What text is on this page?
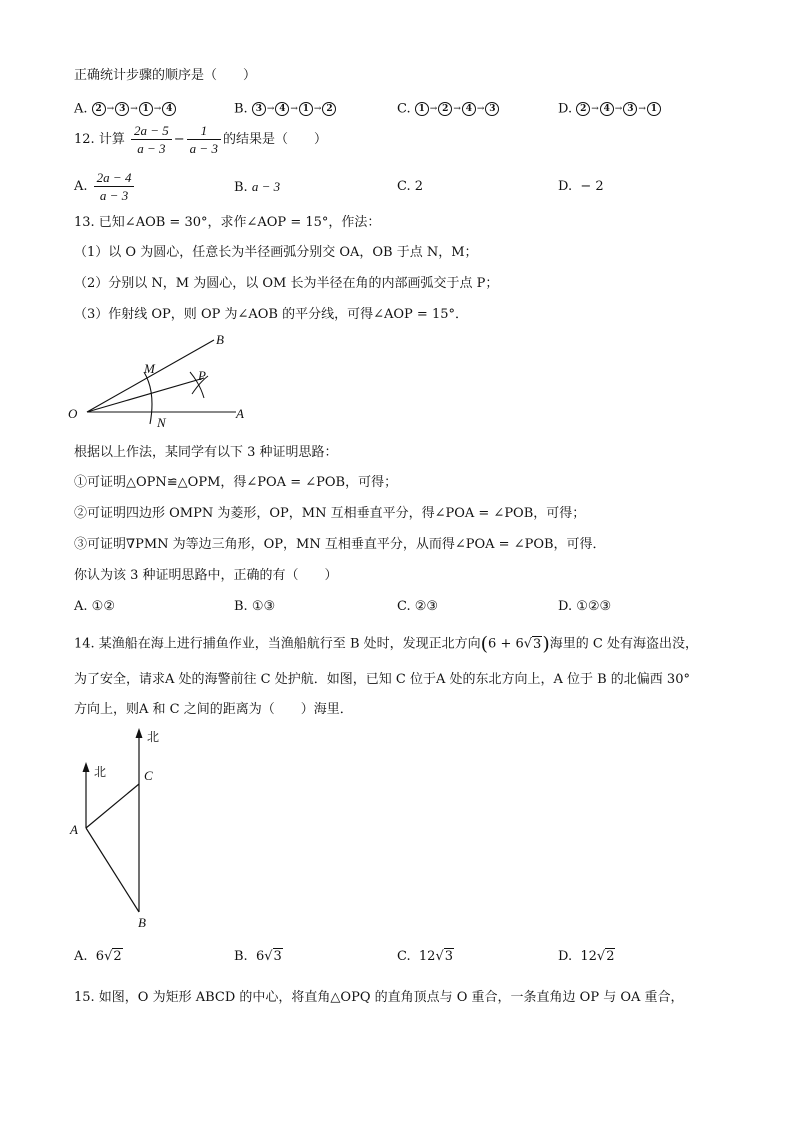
正确统计步骤的顺序是（　　）
A. 2 → 3 → 1 → 4	B. 3 → 4 → 1 → 2	C. 1 → 2 → 4 → 3	D. 2 → 4 → 3 → 1
12. 计算 $\frac{2a - 5}{a - 3} - \frac{1}{a - 3}$ 的结果是（　　）
A. $\frac{2a - 4}{a - 3}$	B. a − 3	C. 2	D. − 2
13. 已知∠AOB = 30°，求作∠AOP = 15°，作法：
（1）以 O 为圆心，任意长为半径画弧分别交 OA，OB 于点 N，M；
（2）分别以 N，M 为圆心，以 OM 长为半径在角的内部画弧交于点 P；
（3）作射线 OP，则 OP 为∠AOB 的平分线，可得∠AOP = 15°．
O	A
B
M
N
P
根据以上作法，某同学有以下 3 种证明思路：
①可证明△OPN≌△OPM，得∠POA = ∠POB，可得；
②可证明四边形 OMPN 为菱形，OP，MN 互相垂直平分，得∠POA = ∠POB，可得；
③可证明∇PMN 为等边三角形，OP，MN 互相垂直平分，从而得∠POA = ∠POB，可得．
你认为该 3 种证明思路中，正确的有（　　）
A. ①②	B. ①③	C. ②③	D. ①②③
14. 某渔船在海上进行捕鱼作业，当渔船航行至 B 处时，发现正北方向(6 + 6√3)海里的 C 处有海盗出没，
为了安全，请求A 处的海警前往 C 处护航．如图，已知 C 位于A 处的东北方向上，A 位于 B 的北偏西 30°
方向上，则A 和 C 之间的距离为（　　）海里．
北
北	C
A
B
A. 6√2	B. 6√3	C. 12√3	D. 12√2
15. 如图，O 为矩形 ABCD 的中心，将直角△OPQ 的直角顶点与 O 重合，一条直角边 OP 与 OA 重合，
